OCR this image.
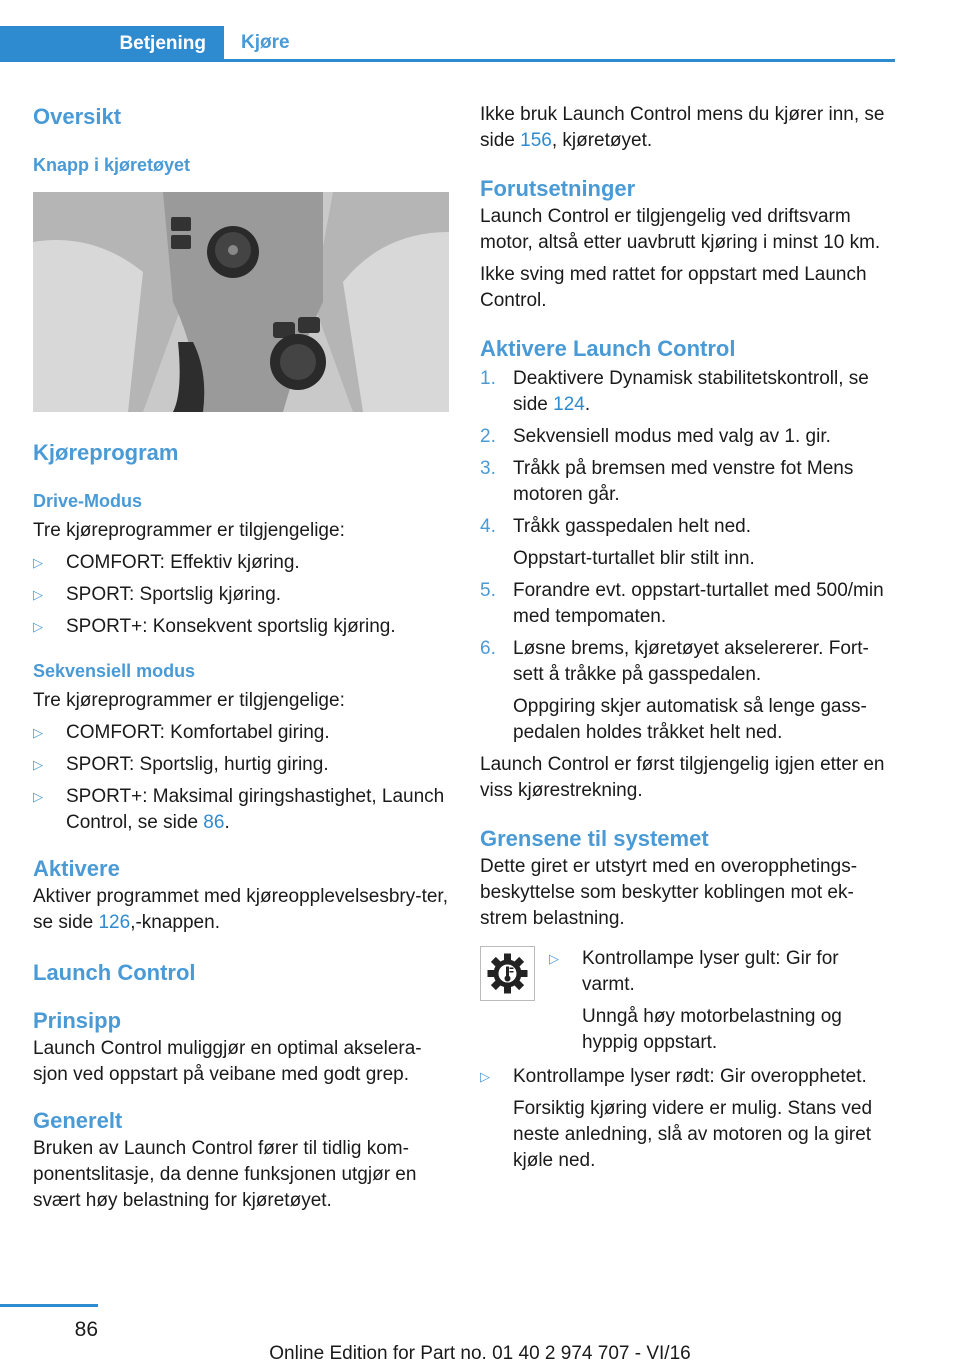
Betjening	Kjøre
Oversikt
Knapp i kjøretøyet
Kjøreprogram
Drive-Modus

Tre kjøreprogrammer er tilgjengelige:

▷	COMFORT: Effektiv kjøring.
▷	SPORT: Sportslig kjøring.
▷	SPORT+: Konsekvent sportslig kjøring.
Sekvensiell modus

Tre kjøreprogrammer er tilgjengelige:

▷	COMFORT: Komfortabel giring.
▷	SPORT: Sportslig, hurtig giring.
▷	SPORT+: Maksimal giringshastighet, Launch Control, se side 86.
Aktivere

Aktiver programmet med kjøreopplevelsesbry‐ter, se side 126,-knappen.

Launch Control
Prinsipp

Launch Control muliggjør en optimal akselera‐sjon ved oppstart på veibane med godt grep.

Generelt

Bruken av Launch Control fører til tidlig kom‐ponentslitasje, da denne funksjonen utgjør en svært høy belastning for kjøretøyet.

Ikke bruk Launch Control mens du kjører inn, se side 156, kjøretøyet.

Forutsetninger

Launch Control er tilgjengelig ved driftsvarm motor, altså etter uavbrutt kjøring i minst 10 km.

Ikke sving med rattet for oppstart med Launch Control.

Aktivere Launch Control
1. Deaktivere Dynamisk stabilitetskontroll, se side 124.
2. Sekvensiell modus med valg av 1. gir.
3. Tråkk på bremsen med venstre fot Mens motoren går.
4. Tråkk gasspedalen helt ned.

Oppstart-turtallet blir stilt inn.

5. Forandre evt. oppstart-turtallet med 500/min med tempomaten.
6. Løsne brems, kjøretøyet akselererer. Fort‐sett å tråkke på gasspedalen.

Oppgiring skjer automatisk så lenge gass‐pedalen holdes tråkket helt ned.

Launch Control er først tilgjengelig igjen etter en viss kjørestrekning.

Grensene til systemet

Dette giret er utstyrt med en overopphetings‐beskyttelse som beskytter koblingen mot ek‐strem belastning.

▷	Kontrollampe lyser gult: Gir for varmt.

Unngå høy motorbelastning og hyppig oppstart.

▷	Kontrollampe lyser rødt: Gir overopphetet.

Forsiktig kjøring videre er mulig. Stans ved neste anledning, slå av motoren og la giret kjøle ned.

86
Online Edition for Part no. 01 40 2 974 707 - VI/16
